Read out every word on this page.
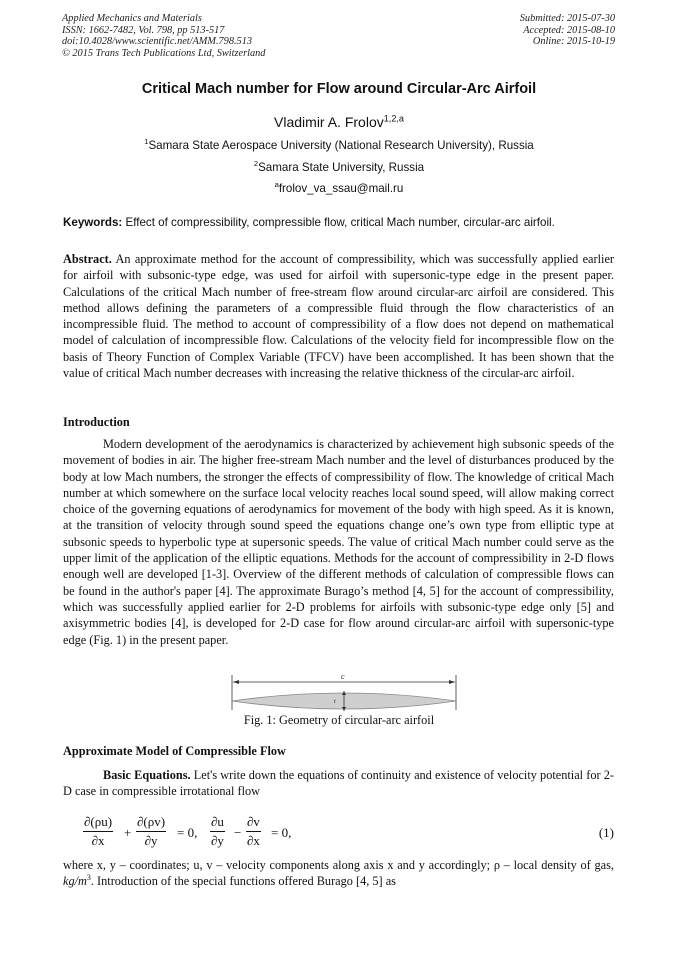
Applied Mechanics and Materials
ISSN: 1662-7482, Vol. 798, pp 513-517
doi:10.4028/www.scientific.net/AMM.798.513
© 2015 Trans Tech Publications Ltd, Switzerland
Submitted: 2015-07-30
Accepted: 2015-08-10
Online: 2015-10-19
Critical Mach number for Flow around Circular-Arc Airfoil
Vladimir A. Frolov$^{1,2,a}$
$^1$Samara State Aerospace University (National Research University), Russia
$^2$Samara State University, Russia
$^a$frolov_va_ssau@mail.ru
Keywords: Effect of compressibility, compressible flow, critical Mach number, circular-arc airfoil.
Abstract. An approximate method for the account of compressibility, which was successfully applied earlier for airfoil with subsonic-type edge, was used for airfoil with supersonic-type edge in the present paper. Calculations of the critical Mach number of free-stream flow around circular-arc airfoil are considered. This method allows defining the parameters of a compressible fluid through the flow characteristics of an incompressible fluid. The method to account of compressibility of a flow does not depend on mathematical model of calculation of incompressible flow. Calculations of the velocity field for incompressible flow on the basis of Theory Function of Complex Variable (TFCV) have been accomplished. It has been shown that the value of critical Mach number decreases with increasing the relative thickness of the circular-arc airfoil.
Introduction
Modern development of the aerodynamics is characterized by achievement high subsonic speeds of the movement of bodies in air. The higher free-stream Mach number and the level of disturbances produced by the body at low Mach numbers, the stronger the effects of compressibility of flow. The knowledge of critical Mach number at which somewhere on the surface local velocity reaches local sound speed, will allow making correct choice of the governing equations of aerodynamics for movement of the body with high speed. As it is known, at the transition of velocity through sound speed the equations change one’s own type from elliptic type at subsonic speeds to hyperbolic type at supersonic speeds. The value of critical Mach number could serve as the upper limit of the application of the elliptic equations. Methods for the account of compressibility in 2-D flows enough well are developed [1-3]. Overview of the different methods of calculation of compressible flows can be found in the author's paper [4]. The approximate Burago’s method [4, 5] for the account of compressibility, which was successfully applied earlier for 2-D problems for airfoils with subsonic-type edge only [5] and axisymmetric bodies [4], is developed for 2-D case for flow around circular-arc airfoil with supersonic-type edge (Fig. 1) in the present paper.
c
t
Fig. 1: Geometry of circular-arc airfoil
Approximate Model of Compressible Flow
Basic Equations. Let's write down the equations of continuity and existence of velocity potential for 2-D case in compressible irrotational flow
$\frac{\partial(\rho u)}{\partial x} + \frac{\partial(\rho v)}{\partial y} = 0$, $\frac{\partial u}{\partial y} - \frac{\partial v}{\partial x} = 0$,	(1)
where x, y – coordinates; u, v – velocity components along axis x and y accordingly; ρ – local density of gas, $kg/m^3$. Introduction of the special functions offered Burago [4, 5] as
